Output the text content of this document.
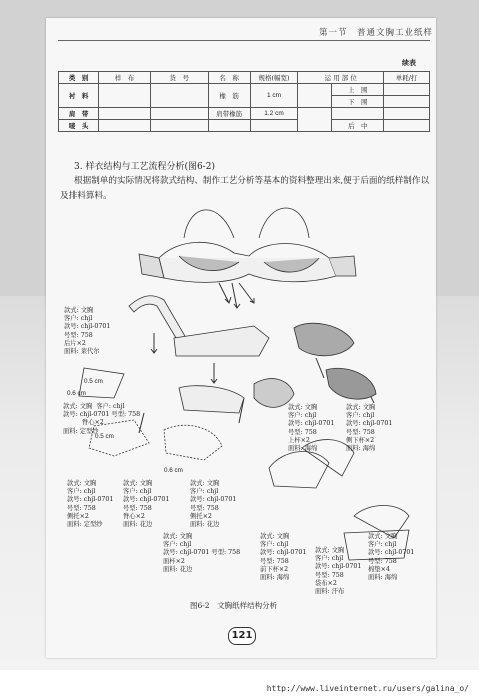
第一节　普通文胸工业纸样
续表
类　别	样　布	货　号	名　称	规格(幅宽)	运 用 部 位		单耗/打
衬　料			橡　筋	1 cm		上　围	
						下　围	
肩　带			肩带橡筋	1.2 cm			
唛　头						后　中	
3. 样衣结构与工艺流程分析(图6-2)
根据制单的实际情况将款式结构、制作工艺分析等基本的资料整理出来,便于后面的纸样制作以及排料算料。
款式: 文胸
客户: chjl
款号: chjl-0701
号型: 758
后片×2
面料: 莱代尔
款式: 文胸  客户: chjl
款号: chjl-0701 号型: 758
　　　脊心×2
面料: 定型纱
款式: 文胸
客户: chjl
款号: chjl-0701
号型: 758
上杯×2
面料: 海绵
款式: 文胸
客户: chjl
款号: chjl-0701
号型: 758
侧下杯×2
面料: 海绵
款式: 文胸
客户: chjl
款号: chjl-0701
号型: 758
侧托×2
面料: 定型纱
款式: 文胸
客户: chjl
款号: chjl-0701
号型: 758
脊心×2
面料: 花边
款式: 文胸
客户: chjl
款号: chjl-0701
号型: 758
侧托×2
面料: 花边
款式: 文胸
客户: chjl
款号: chjl-0701 号型: 758
面杯×2
面料: 花边
款式: 文胸
客户: chjl
款号: chjl-0701
号型: 758
前下杯×2
面料: 海绵
款式: 文胸
客户: chjl
款号: chjl-0701
号型: 758
袋布×2
面料: 汗布
款式: 文胸
客户: chjl
款号: chjl-0701
号型: 758
棉垫×4
面料: 海绵
0.5 cm
0.6 cm
0.5 cm
0.6 cm
图6-2　文胸纸样结构分析
121
http://www.liveinternet.ru/users/galina_o/
